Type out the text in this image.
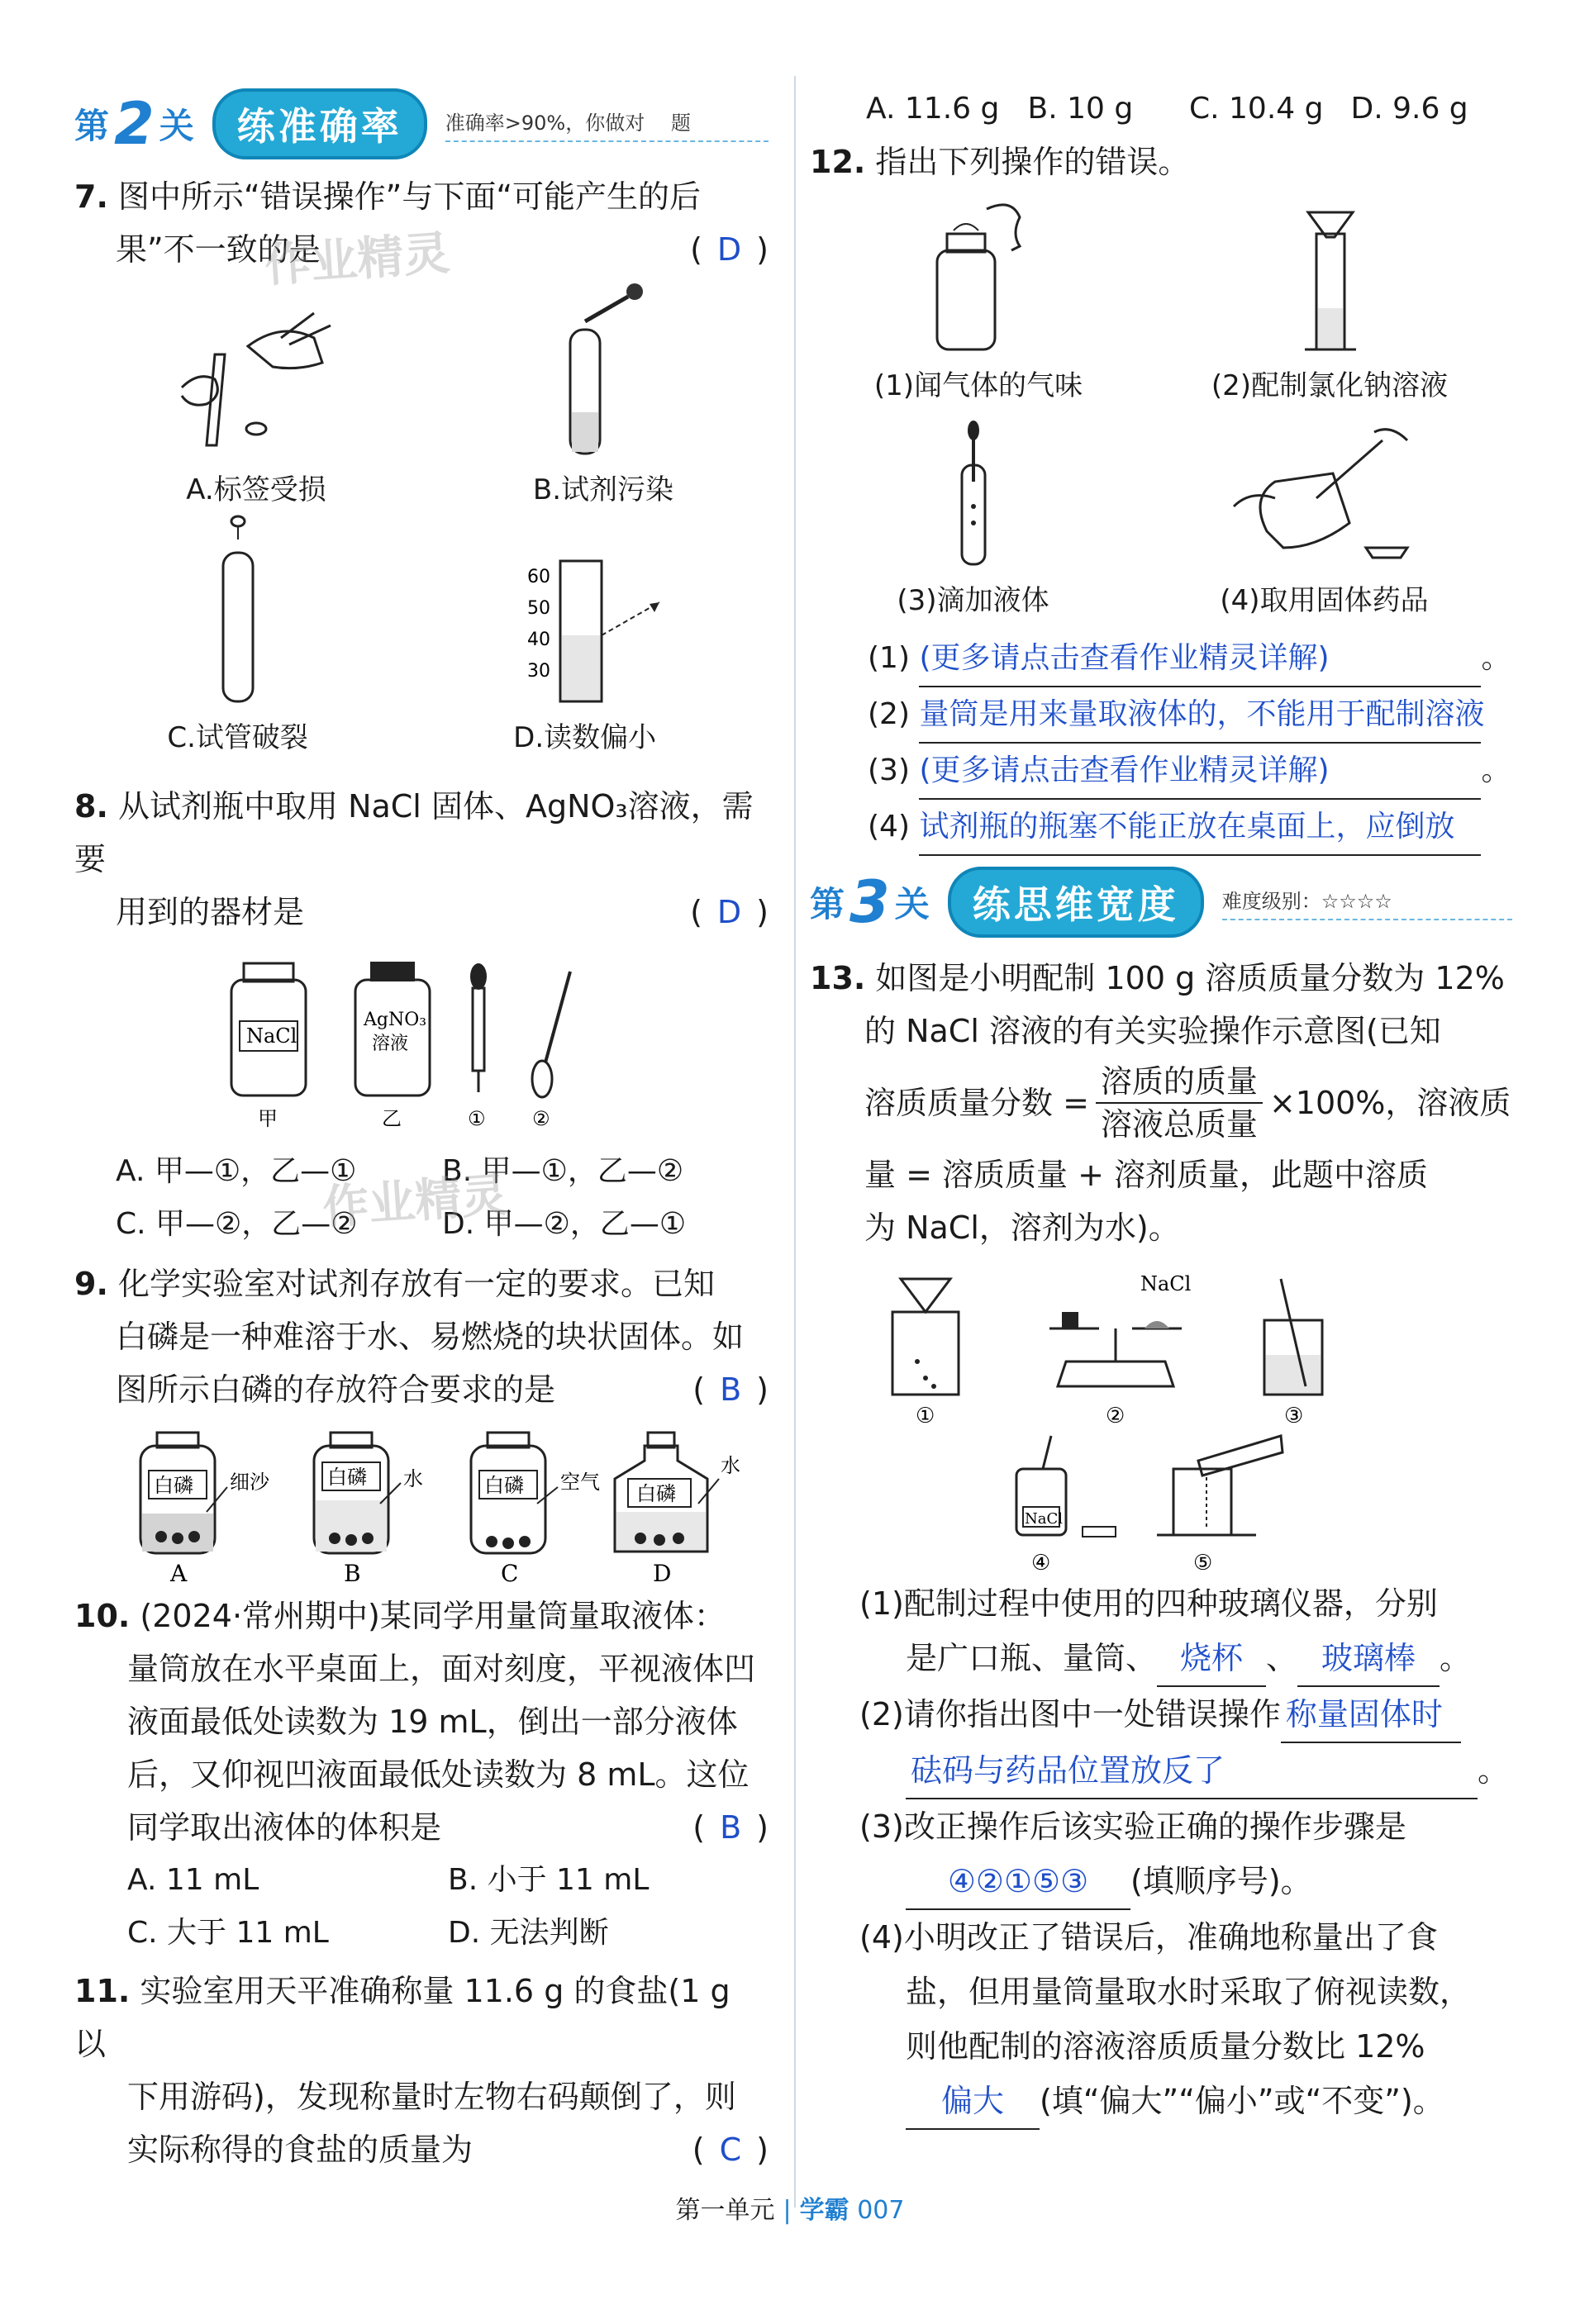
第 2 关	练准确率	准确率>90%，你做对 　题
7. 图中所示“错误操作”与下面“可能产生的后
果”不一致的是	( D )
A.标签受损	B.试剂污染
C.试管破裂
60
50
40
30
D.读数偏小
8. 从试剂瓶中取用 NaCl 固体、AgNO₃溶液，需要
用到的器材是	( D )
NaCl
AgNO₃
溶液
甲	乙	① ②
A. 甲—①，乙—①	B. 甲—①，乙—②
C. 甲—②，乙—②	D. 甲—②，乙—①
9. 化学实验室对试剂存放有一定的要求。已知
白磷是一种难溶于水、易燃烧的块状固体。如
图所示白磷的存放符合要求的是	( B )
白磷 细沙
A
白磷 水
B
白磷 空气
C
白磷
水
D
10. (2024·常州期中)某同学用量筒量取液体：
量筒放在水平桌面上，面对刻度，平视液体凹
液面最低处读数为 19 mL，倒出一部分液体
后，又仰视凹液面最低处读数为 8 mL。这位
同学取出液体的体积是	( B )
A. 11 mL	B. 小于 11 mL
C. 大于 11 mL	D. 无法判断
11. 实验室用天平准确称量 11.6 g 的食盐(1 g 以
下用游码)，发现称量时左物右码颠倒了，则
实际称得的食盐的质量为	( C )
A. 11.6 g B. 10 g	C. 10.4 g D. 9.6 g
12. 指出下列操作的错误。
(1)闻气体的气味	(2)配制氯化钠溶液
(3)滴加液体	(4)取用固体药品
(1) (更多请点击查看作业精灵详解)	。
(2) 量筒是用来量取液体的，不能用于配制溶液
(3) (更多请点击查看作业精灵详解)	。
(4) 试剂瓶的瓶塞不能正放在桌面上，应倒放
第 3 关	练思维宽度	难度级别：☆☆☆☆
13. 如图是小明配制 100 g 溶质质量分数为 12%
的 NaCl 溶液的有关实验操作示意图(已知
溶质质量分数 = $\frac{\text{溶质的质量}}{\text{溶液总质量}} \times 100\%$，溶液质
量 = 溶质质量 + 溶剂质量，此题中溶质
为 NaCl，溶剂为水)。
①
NaCl
②	③
NaCl
④	⑤
(1)配制过程中使用的四种玻璃仪器，分别
是广口瓶、量筒、 烧杯 、 玻璃棒 。
(2)请你指出图中一处错误操作 称量固体时
砝码与药品位置放反了	。
(3)改正操作后该实验正确的操作步骤是
④②①⑤③ (填顺序号)。
(4)小明改正了错误后，准确地称量出了食
盐，但用量筒量取水时采取了俯视读数，
则他配制的溶液溶质质量分数比 12%
偏大 (填“偏大”“偏小”或“不变”)。
作业精灵
作业精灵
第一单元 | 学霸 007
